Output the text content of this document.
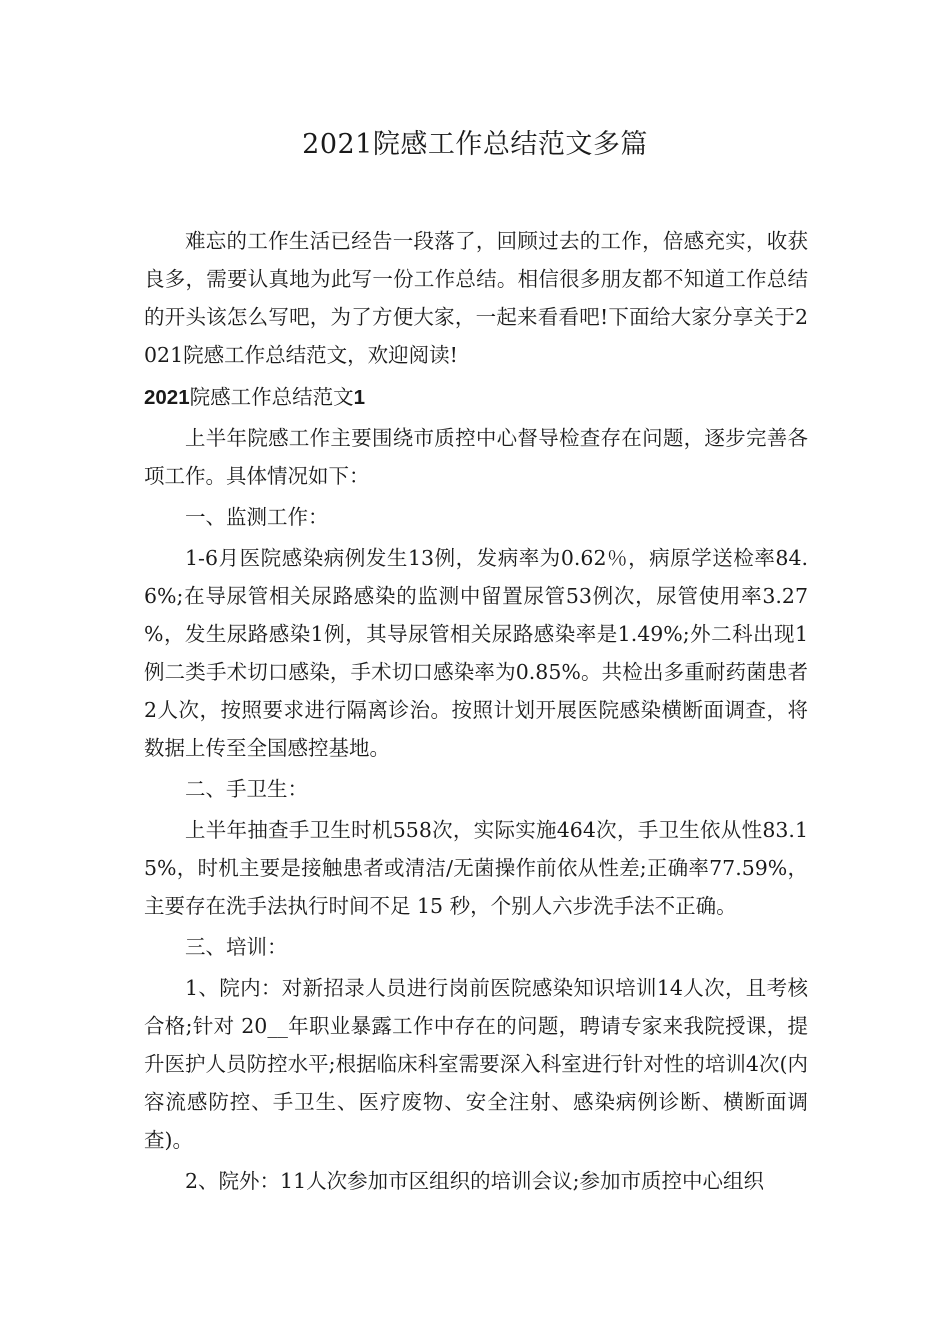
2021院感工作总结范文多篇

难忘的工作生活已经告一段落了，回顾过去的工作，倍感充实，收获良多，需要认真地为此写一份工作总结。相信很多朋友都不知道工作总结的开头该怎么写吧，为了方便大家，一起来看看吧!下面给大家分享关于2021院感工作总结范文，欢迎阅读!

2021院感工作总结范文1

上半年院感工作主要围绕市质控中心督导检查存在问题，逐步完善各项工作。具体情况如下：

一、监测工作：

1-6月医院感染病例发生13例，发病率为0.62％，病原学送检率84.6%;在导尿管相关尿路感染的监测中留置尿管53例次，尿管使用率3.27 %，发生尿路感染1例，其导尿管相关尿路感染率是1.49%;外二科出现1例二类手术切口感染，手术切口感染率为0.85%。共检出多重耐药菌患者2人次，按照要求进行隔离诊治。按照计划开展医院感染横断面调查，将数据上传至全国感控基地。

二、手卫生：

上半年抽查手卫生时机558次，实际实施464次，手卫生依从性83.15%，时机主要是接触患者或清洁/无菌操作前依从性差;正确率77.59%，主要存在洗手法执行时间不足 15 秒，个别人六步洗手法不正确。

三、培训：

1、院内：对新招录人员进行岗前医院感染知识培训14人次，且考核合格;针对 20__年职业暴露工作中存在的问题，聘请专家来我院授课，提升医护人员防控水平;根据临床科室需要深入科室进行针对性的培训4次(内容流感防控、手卫生、医疗废物、安全注射、感染病例诊断、横断面调查)。

2、院外：11人次参加市区组织的培训会议;参加市质控中心组织
